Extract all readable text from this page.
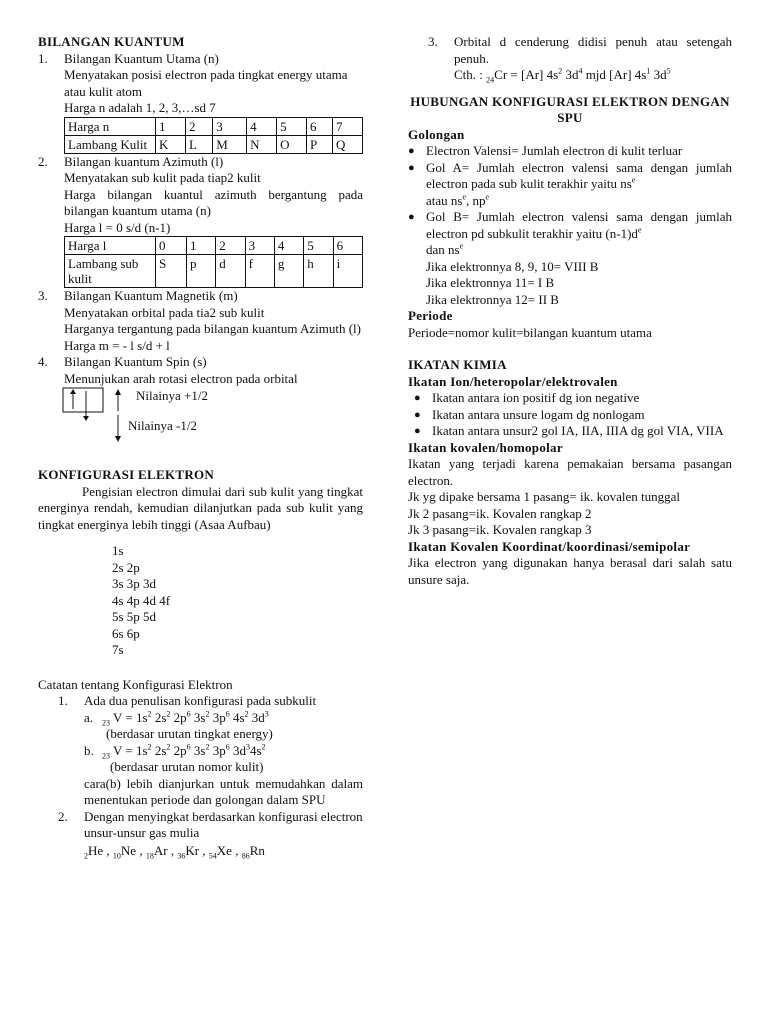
BILANGAN KUANTUM

1.	Bilangan Kuantum Utama (n)

Menyatakan posisi electron pada tingkat energy utama atau kulit atom

Harga n adalah 1, 2, 3,…sd 7

Harga n	1	2	3	4	5	6	7
Lambang Kulit	K	L	M	N	O	P	Q
2.	Bilangan kuantum Azimuth (l)

Menyatakan sub kulit pada tiap2 kulit

Harga bilangan kuantul azimuth bergantung pada bilangan kuantum utama (n)

Harga l = 0 s/d (n-1)

Harga l	0	1	2	3	4	5	6
Lambang sub kulit	S	p	d	f	g	h	i
3.	Bilangan Kuantum Magnetik (m)

Menyatakan orbital pada tia2 sub kulit

Harganya tergantung pada bilangan kuantum Azimuth (l)

Harga m = - l s/d + l

4.	Bilangan Kuantum Spin (s)

Menunjukan arah rotasi electron pada orbital

Nilainya +1/2
Nilainya -1/2

KONFIGURASI ELEKTRON

Pengisian electron dimulai dari sub kulit yang tingkat energinya rendah, kemudian dilanjutkan pada sub kulit yang tingkat energinya lebih tinggi (Asaa Aufbau)

1s
2s 2p
3s 3p 3d
4s 4p 4d 4f
5s 5p 5d
6s 6p
7s

Catatan tentang Konfigurasi Elektron

1.	Ada dua penulisan konfigurasi pada subkulit

a.	$_{23}$ $V = 1s^2$ $2s^2$ $2p^6$ $3s^2$ $3p^6$ $4s^2$ $3d^3$

(berdasar urutan tingkat energy)

b.	$_{23}$ $V = 1s^2$ $2s^2$ $2p^6$ $3s^2$ $3p^6$ $3d^34s^2$

(berdasar urutan nomor kulit)

cara(b) lebih dianjurkan untuk memudahkan dalam menentukan periode dan golongan dalam SPU

2.	Dengan menyingkat berdasarkan konfigurasi electron unsur-unsur gas mulia

$_2$He , $_{10}$Ne , $_{18}$Ar , $_{36}$Kr , $_{54}$Xe , $_{86}$Rn

3.	Orbital d cenderung didisi penuh atau setengah penuh.

Cth. : $_{24}$Cr = [Ar] $4s^2$ $3d^4$ mjd [Ar] $4s^1$ $3d^5$

HUBUNGAN KONFIGURASI ELEKTRON DENGAN SPU

Golongan

● Electron Valensi= Jumlah electron di kulit terluar

● Gol A= Jumlah electron valensi sama dengan jumlah electron pada sub kulit terakhir yaitu $ns^e$

atau $ns^e$, $np^e$

● Gol B= Jumlah electron valensi sama dengan jumlah electron pd subkulit terakhir yaitu $(n-1)d^e$

dan $ns^e$

Jika elektronnya 8, 9, 10= VIII B

Jika elektronnya 11= I B

Jika elektronnya 12= II B

Periode

Periode=nomor kulit=bilangan kuantum utama

IKATAN KIMIA

Ikatan Ion/heteropolar/elektrovalen

● Ikatan antara ion positif dg ion negative

● Ikatan antara unsure logam dg nonlogam

● Ikatan antara unsur2 gol IA, IIA, IIIA dg gol VIA, VIIA

Ikatan kovalen/homopolar

Ikatan yang terjadi karena pemakaian bersama pasangan electron.

Jk yg dipake bersama 1 pasang= ik. kovalen tunggal

Jk 2 pasang=ik. Kovalen rangkap 2

Jk 3 pasang=ik. Kovalen rangkap 3

Ikatan Kovalen Koordinat/koordinasi/semipolar

Jika electron yang digunakan hanya berasal dari salah satu unsure saja.
